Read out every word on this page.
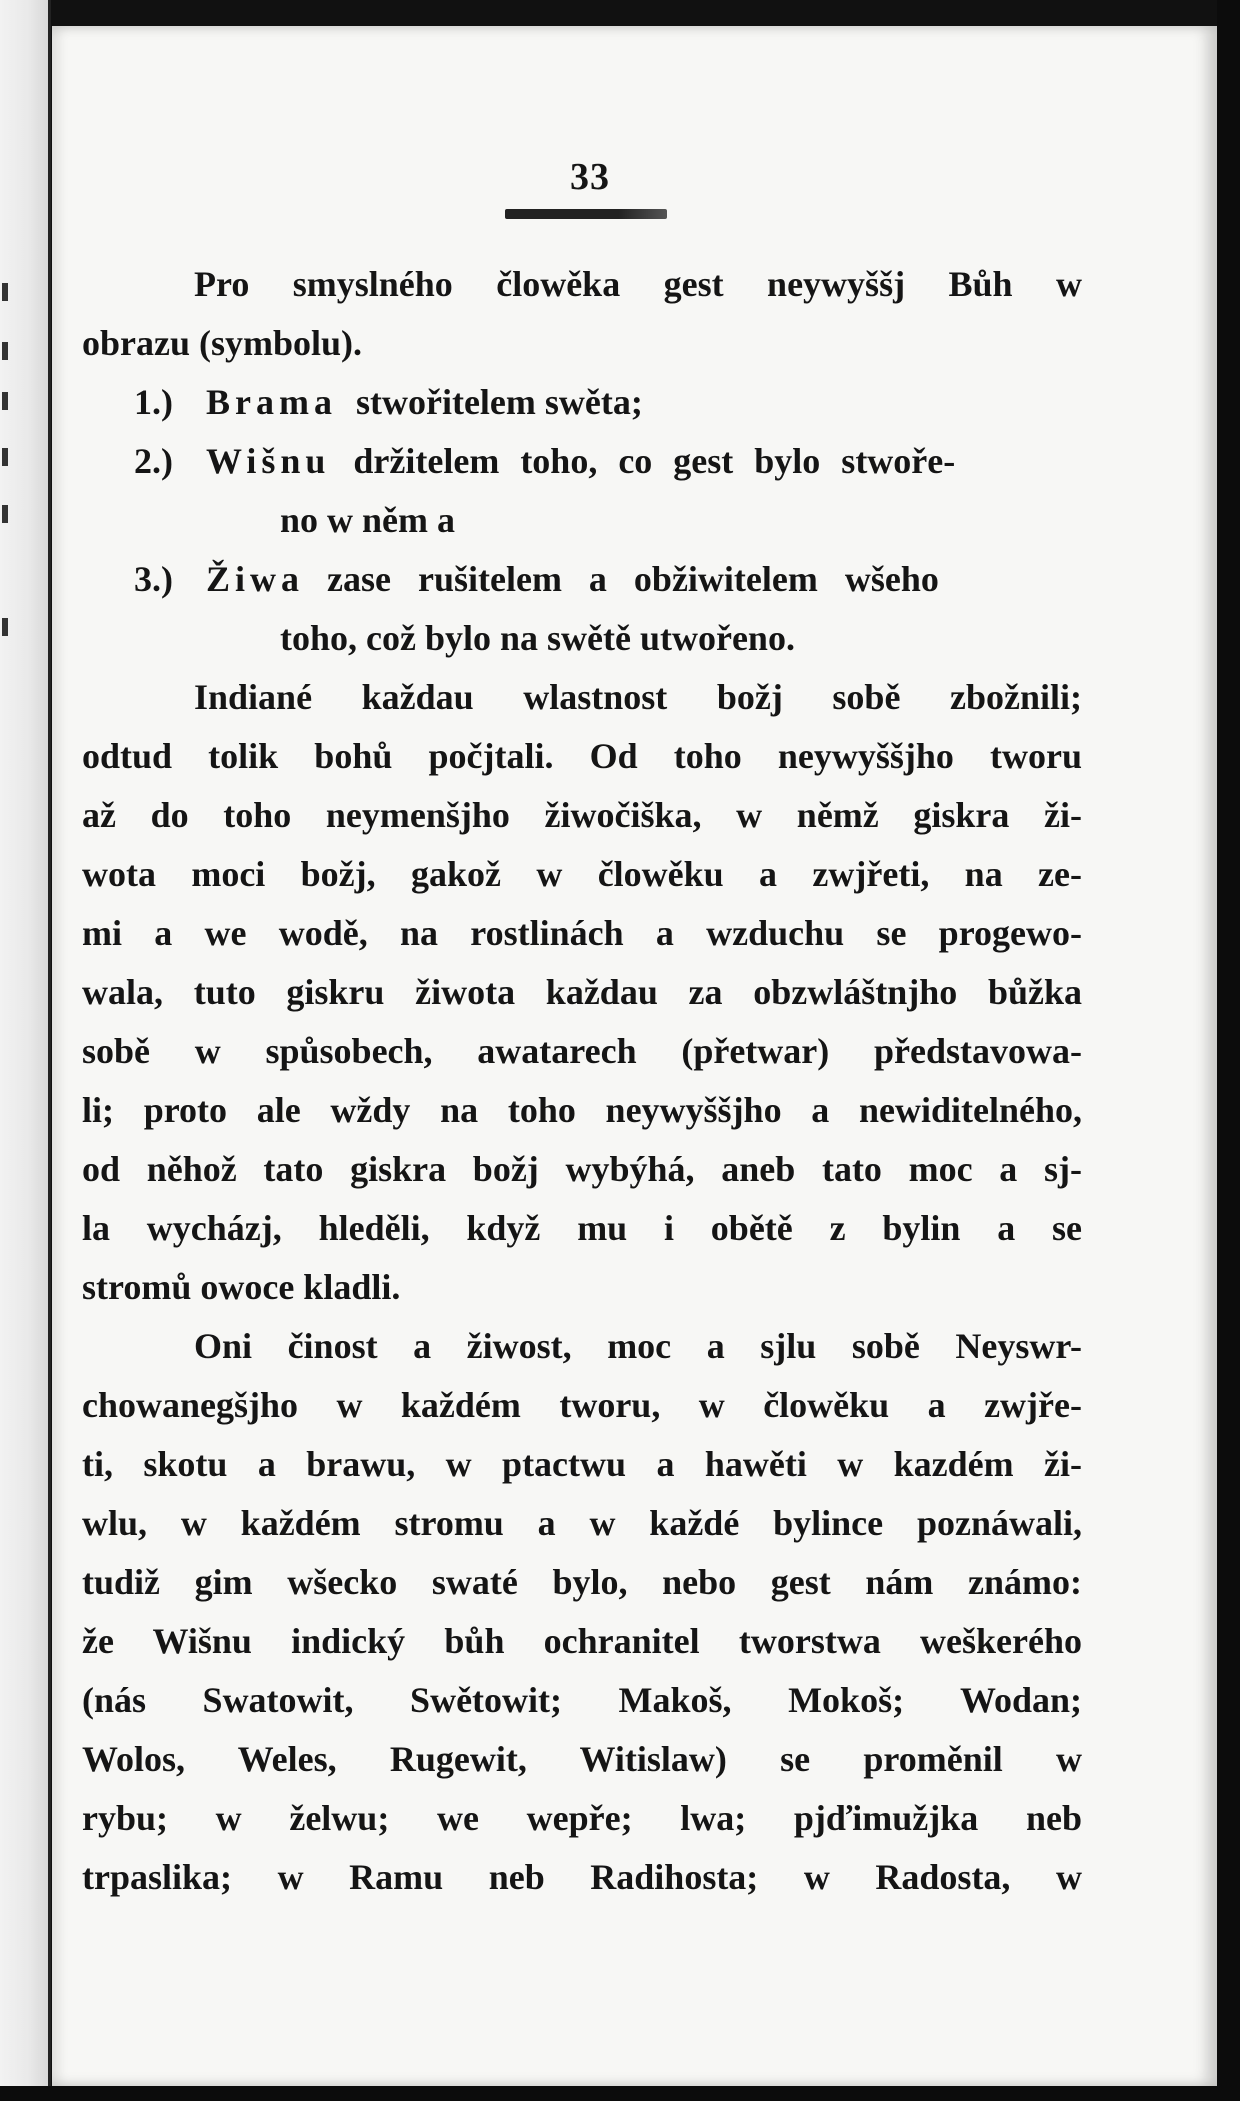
33
Pro smyslného člowěka gest neywyššj Bůh w
obrazu (symbolu).
1.) Brama stwořitelem swěta;
2.) Wišnu držitelem toho, co gest bylo stwoře-
no w něm a
3.) Žiwa zase rušitelem a obžiwitelem wšeho
toho, což bylo na swětě utwořeno.
Indiané každau wlastnost božj sobě zbožnili;
odtud tolik bohů počjtali. Od toho neywyššjho tworu
až do toho neymenšjho žiwočiška, w němž giskra ži-
wota moci božj, gakož w člowěku a zwjřeti, na ze-
mi a we wodě, na rostlinách a wzduchu se progewo-
wala, tuto giskru žiwota každau za obzwláštnjho bůžka
sobě w spůsobech, awatarech (přetwar) představowa-
li; proto ale wždy na toho neywyššjho a newiditelného,
od něhož tato giskra božj wybýhá, aneb tato moc a sj-
la wycházj, hleděli, když mu i obětě z bylin a se
stromů owoce kladli.
Oni činost a žiwost, moc a sjlu sobě Neyswr-
chowanegšjho w každém tworu, w člowěku a zwjře-
ti, skotu a brawu, w ptactwu a hawěti w kazdém ži-
wlu, w každém stromu a w každé bylince poznáwali,
tudiž gim wšecko swaté bylo, nebo gest nám známo:
že Wišnu indický bůh ochranitel tworstwa weškerého
(nás Swatowit, Swětowit; Makoš, Mokoš; Wodan;
Wolos, Weles, Rugewit, Witislaw) se proměnil w
rybu; w želwu; we wepře; lwa; pjďimužjka neb
trpaslika; w Ramu neb Radihosta; w Radosta, w
